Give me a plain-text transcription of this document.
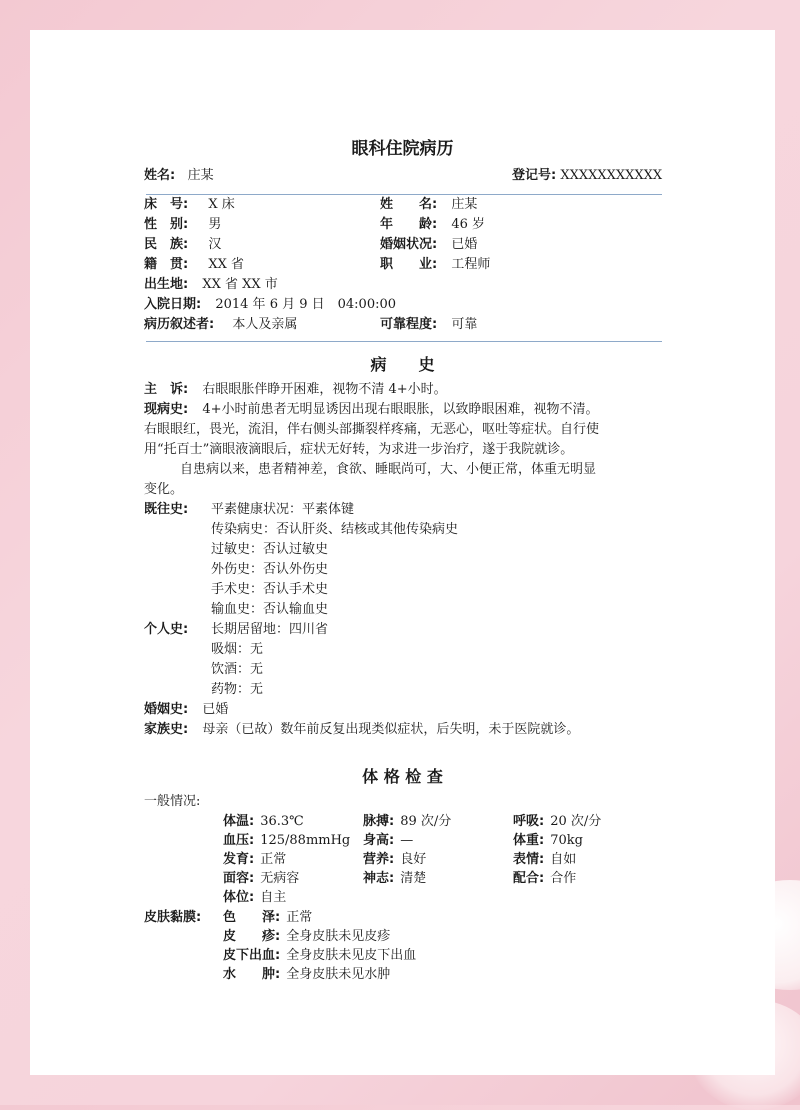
眼科住院病历
姓名: 庄某	登记号: XXXXXXXXXXX
床　号: X 床	姓　　名: 庄某
性　别: 男	年　　龄: 46 岁
民　族: 汉	婚姻状况: 已婚
籍　贯: XX 省	职　　业: 工程师
出生地: XX 省 XX 市
入院日期: 2014 年 6 月 9 日　04:00:00
病历叙述者: 本人及亲属	可靠程度: 可靠
病　　史
主　诉: 右眼眼胀伴睁开困难，视物不清 4+小时。
现病史: 4+小时前患者无明显诱因出现右眼眼胀，以致睁眼困难，视物不清。
右眼眼红，畏光，流泪，伴右侧头部撕裂样疼痛，无恶心，呕吐等症状。自行使
用“托百士”滴眼液滴眼后，症状无好转，为求进一步治疗，遂于我院就诊。
自患病以来，患者精神差，食欲、睡眠尚可，大、小便正常，体重无明显
变化。
既往史: 平素健康状况：平素体键
传染病史：否认肝炎、结核或其他传染病史
过敏史：否认过敏史
外伤史：否认外伤史
手术史：否认手术史
输血史：否认输血史
个人史: 长期居留地：四川省
吸烟：无
饮酒：无
药物：无
婚姻史: 已婚
家族史: 母亲（已故）数年前反复出现类似症状，后失明，未于医院就诊。
体 格 检 查
一般情况:
体温: 36.3℃	脉搏: 89 次/分	呼吸: 20 次/分
血压: 125/88mmHg 身高: —	体重: 70kg
发育: 正常	营养: 良好	表情: 自如
面容: 无病容	神志: 清楚	配合: 合作
体位: 自主
皮肤黏膜: 色　　泽: 正常
皮　　疹: 全身皮肤未见皮疹
皮下出血: 全身皮肤未见皮下出血
水　　肿: 全身皮肤未见水肿
